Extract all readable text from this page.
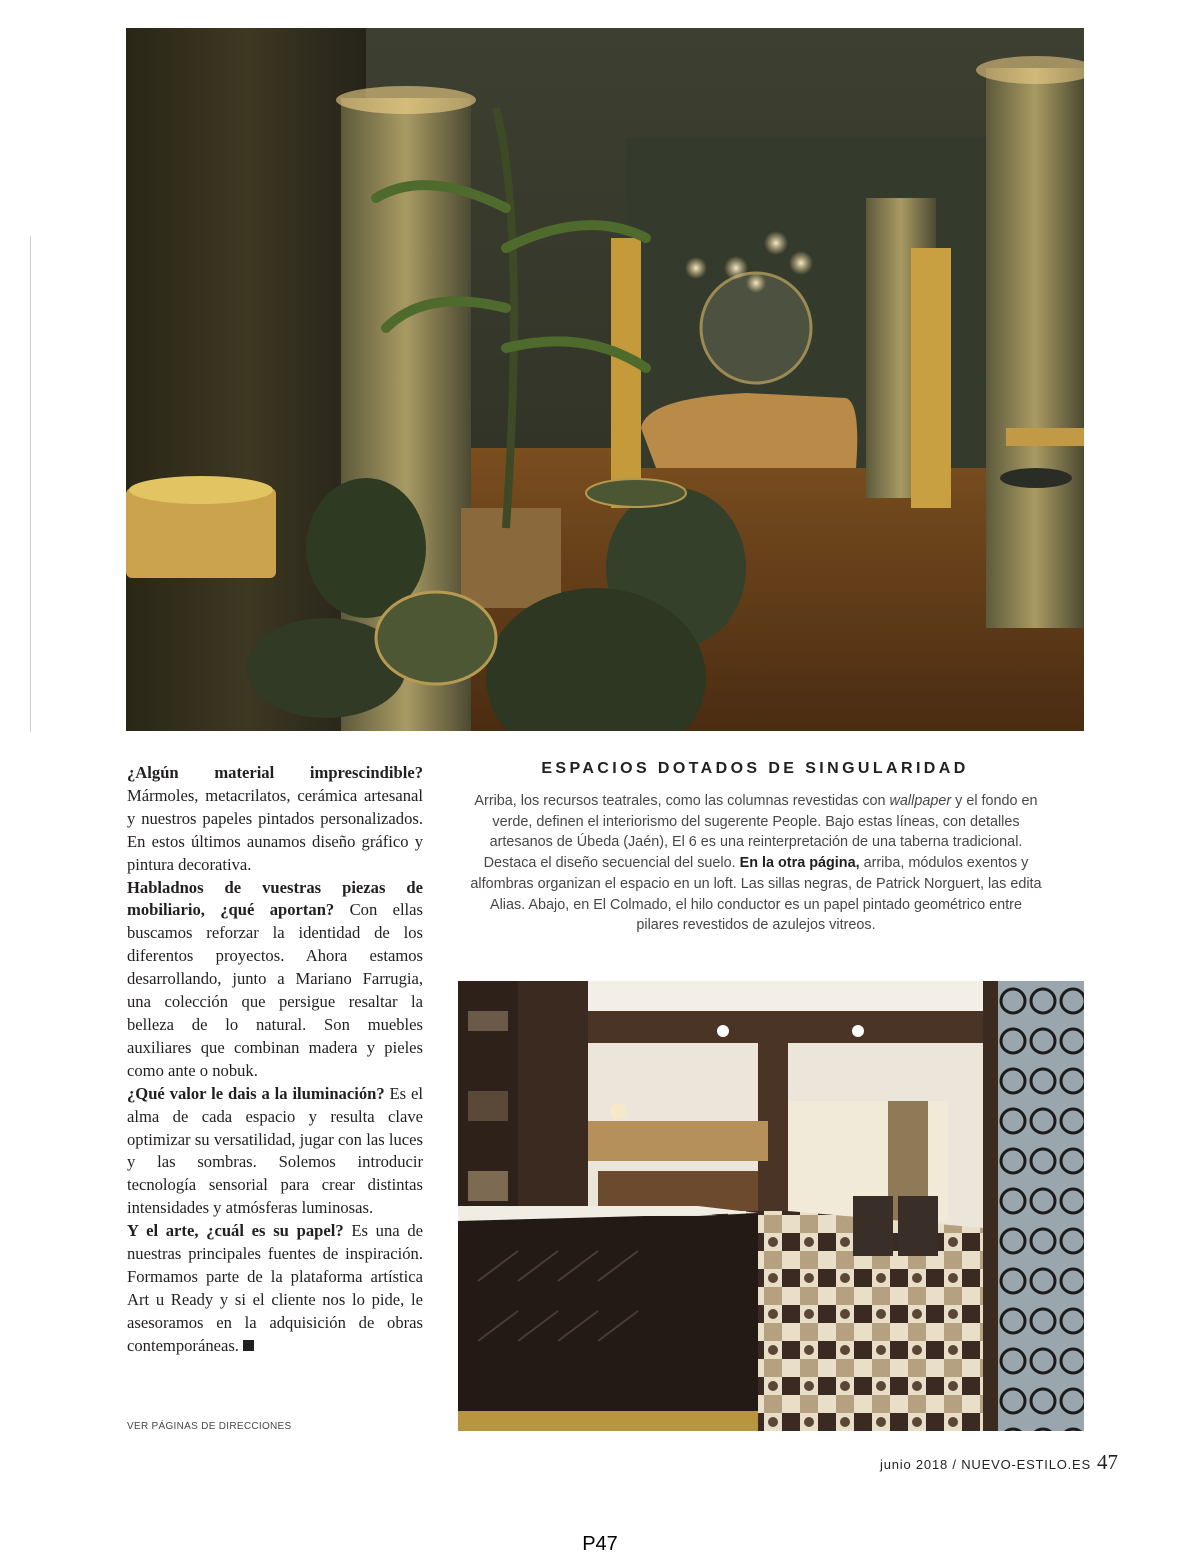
¿Algún material imprescindible? Mármoles, metacrilatos, cerámica artesanal y nuestros papeles pintados personalizados. En estos últimos aunamos diseño gráfico y pintura decorativa.

Habladnos de vuestras piezas de mobiliario, ¿qué aportan? Con ellas buscamos reforzar la identidad de los diferentos proyectos. Ahora estamos desarrollando, junto a Mariano Farrugia, una colección que persigue resaltar la belleza de lo natural. Son muebles auxiliares que combinan madera y pieles como ante o nobuk.

¿Qué valor le dais a la iluminación? Es el alma de cada espacio y resulta clave optimizar su versatilidad, jugar con las luces y las sombras. Solemos introducir tecnología sensorial para crear distintas intensidades y atmósferas luminosas.

Y el arte, ¿cuál es su papel? Es una de nuestras principales fuentes de inspiración. Formamos parte de la plataforma artística Art u Ready y si el cliente nos lo pide, le asesoramos en la adquisición de obras contemporáneas.

ESPACIOS DOTADOS DE SINGULARIDAD
Arriba, los recursos teatrales, como las columnas revestidas con wallpaper y el fondo en verde, definen el interiorismo del sugerente People. Bajo estas líneas, con detalles artesanos de Úbeda (Jaén), El 6 es una reinterpretación de una taberna tradicional. Destaca el diseño secuencial del suelo. En la otra página, arriba, módulos exentos y alfombras organizan el espacio en un loft. Las sillas negras, de Patrick Norguert, las edita Alias. Abajo, en El Colmado, el hilo conductor es un papel pintado geométrico entre pilares revestidos de azulejos vitreos.
VER PÁGINAS DE DIRECCIONES
junio 2018 / NUEVO-ESTILO.ES 47
P47
